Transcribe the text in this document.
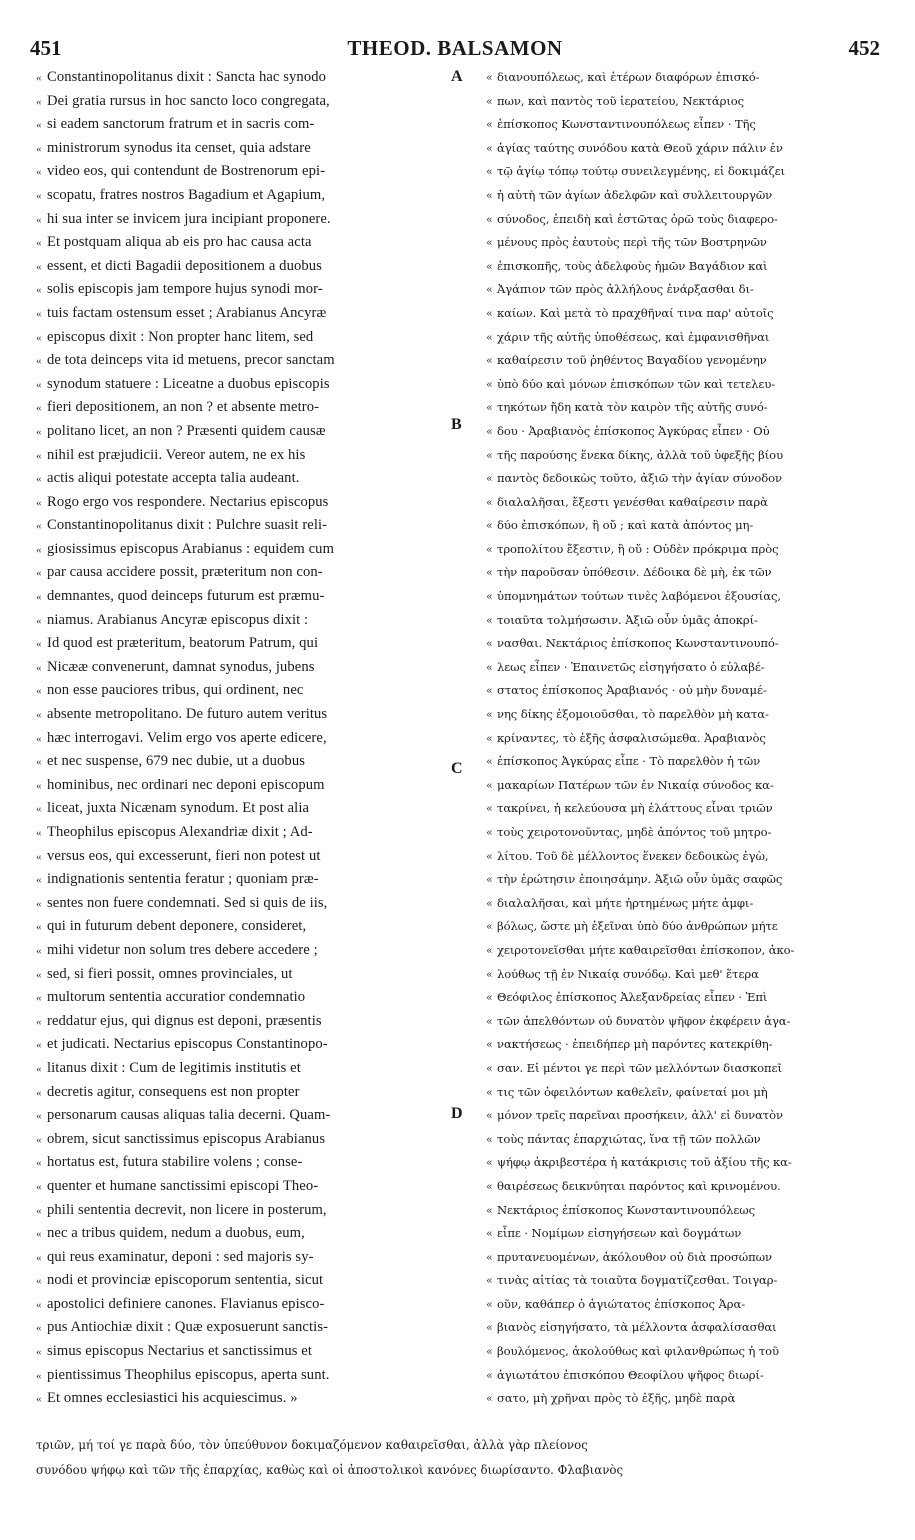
451	THEOD. BALSAMON	452
« Constantinopolitanus dixit : Sancta hac synodo
« Dei gratia rursus in hoc sancto loco congregata,
« si eadem sanctorum fratrum et in sacris com-
« ministrorum synodus ita censet, quia adstare
« video eos, qui contendunt de Bostrenorum epi-
« scopatu, fratres nostros Bagadium et Agapium,
« hi sua inter se invicem jura incipiant proponere.
« Et postquam aliqua ab eis pro hac causa acta
« essent, et dicti Bagadii depositionem a duobus
« solis episcopis jam tempore hujus synodi mor-
« tuis factam ostensum esset ; Arabianus Ancyræ
« episcopus dixit : Non propter hanc litem, sed
« de tota deinceps vita id metuens, precor sanctam
« synodum statuere : Liceatne a duobus episcopis
« fieri depositionem, an non ? et absente metro-
« politano licet, an non ? Præsenti quidem causæ
« nihil est præjudicii. Vereor autem, ne ex his
« actis aliqui potestate accepta talia audeant.
« Rogo ergo vos respondere. Nectarius episcopus
« Constantinopolitanus dixit : Pulchre suasit reli-
« giosissimus episcopus Arabianus : equidem cum
« par causa accidere possit, præteritum non con-
« demnantes, quod deinceps futurum est præmu-
« niamus. Arabianus Ancyræ episcopus dixit :
« Id quod est præteritum, beatorum Patrum, qui
« Nicææ convenerunt, damnat synodus, jubens
« non esse pauciores tribus, qui ordinent, nec
« absente metropolitano. De futuro autem veritus
« hæc interrogavi. Velim ergo vos aperte edicere,
« et nec suspense, 679 nec dubie, ut a duobus
« hominibus, nec ordinari nec deponi episcopum
« liceat, juxta Nicænam synodum. Et post alia
« Theophilus episcopus Alexandriæ dixit ; Ad-
« versus eos, qui excesserunt, fieri non potest ut
« indignationis sententia feratur ; quoniam præ-
« sentes non fuere condemnati. Sed si quis de iis,
« qui in futurum debent deponere, consideret,
« mihi videtur non solum tres debere accedere ;
« sed, si fieri possit, omnes provinciales, ut
« multorum sententia accuratior condemnatio
« reddatur ejus, qui dignus est deponi, præsentis
« et judicati. Nectarius episcopus Constantinopo-
« litanus dixit : Cum de legitimis institutis et
« decretis agitur, consequens est non propter
« personarum causas aliquas talia decerni. Quam-
« obrem, sicut sanctissimus episcopus Arabianus
« hortatus est, futura stabilire volens ; conse-
« quenter et humane sanctissimi episcopi Theo-
« phili sententia decrevit, non licere in posterum,
« nec a tribus quidem, nedum a duobus, eum,
« qui reus examinatur, deponi : sed majoris sy-
« nodi et provinciæ episcoporum sententia, sicut
« apostolici definiere canones. Flavianus episco-
« pus Antiochiæ dixit : Quæ exposuerunt sanctis-
« simus episcopus Nectarius et sanctissimus et
« pientissimus Theophilus episcopus, aperta sunt.
« Et omnes ecclesiastici his acquiescimus. »
« διανουπόλεως, καὶ ἑτέρων διαφόρων ἐπισκό-
« πων, καὶ παντὸς τοῦ ἱερατείου, Νεκτάριος
« ἐπίσκοπος Κωνσταντινουπόλεως εἶπεν · Τῆς
« ἁγίας ταύτης συνόδου κατὰ Θεοῦ χάριν πάλιν ἐν
« τῷ ἁγίῳ τόπῳ τούτῳ συνειλεγμένης, εἰ δοκιμάζει
« ἡ αὐτὴ τῶν ἁγίων ἀδελφῶν καὶ συλλειτουργῶν
« σύνοδος, ἐπειδὴ καὶ ἑστῶτας ὁρῶ τοὺς διαφερο-
« μένους πρὸς ἑαυτοὺς περὶ τῆς τῶν Βοστρηνῶν
« ἐπισκοπῆς, τοὺς ἀδελφοὺς ἡμῶν Βαγάδιον καὶ
« Ἀγάπιον τῶν πρὸς ἀλλήλους ἐνάρξασθαι δι-
« καίων. Καὶ μετὰ τὸ πραχθῆναί τινα παρ' αὐτοῖς
« χάριν τῆς αὐτῆς ὑποθέσεως, καὶ ἐμφανισθῆναι
« καθαίρεσιν τοῦ ῥηθέντος Βαγαδίου γενομένην
« ὑπὸ δύο καὶ μόνων ἐπισκόπων τῶν καὶ τετελευ-
« τηκότων ἤδη κατὰ τὸν καιρὸν τῆς αὐτῆς συνό-
« δου · Ἀραβιανὸς ἐπίσκοπος Ἀγκύρας εἶπεν · Οὐ
« τῆς παρούσης ἕνεκα δίκης, ἀλλὰ τοῦ ὑφεξῆς βίου
« παντὸς δεδοικὼς τοῦτο, ἀξιῶ τὴν ἁγίαν σύνοδον
« διαλαλῆσαι, ἔξεστι γενέσθαι καθαίρεσιν παρὰ
« δύο ἐπισκόπων, ἢ οὔ ; καὶ κατὰ ἀπόντος μη-
« τροπολίτου ἔξεστιν, ἢ οὔ : Οὐδὲν πρόκριμα πρὸς
« τὴν παροῦσαν ὑπόθεσιν. Δέδοικα δὲ μὴ, ἐκ τῶν
« ὑπομνημάτων τούτων τινὲς λαβόμενοι ἐξουσίας,
« τοιαῦτα τολμήσωσιν. Ἀξιῶ οὖν ὑμᾶς ἀποκρί-
« νασθαι. Νεκτάριος ἐπίσκοπος Κωνσταντινουπό-
« λεως εἶπεν · Ἐπαινετῶς εἰσηγήσατο ὁ εὐλαβέ-
« στατος ἐπίσκοπος Ἀραβιανός · οὐ μὴν δυναμέ-
« νης δίκης ἐξομοιοῦσθαι, τὸ παρελθὸν μὴ κατα-
« κρίναντες, τὸ ἑξῆς ἀσφαλισώμεθα. Ἀραβιανὸς
« ἐπίσκοπος Ἀγκύρας εἶπε · Τὸ παρελθὸν ἡ τῶν
« μακαρίων Πατέρων τῶν ἐν Νικαίᾳ σύνοδος κα-
« τακρίνει, ἡ κελεύουσα μὴ ἐλάττους εἶναι τριῶν
« τοὺς χειροτονοῦντας, μηδὲ ἀπόντος τοῦ μητρο-
« λίτου. Τοῦ δὲ μέλλοντος ἕνεκεν δεδοικὼς ἐγὼ,
« τὴν ἐρώτησιν ἐποιησάμην. Ἀξιῶ οὖν ὑμᾶς σαφῶς
« διαλαλῆσαι, καὶ μήτε ἠρτημένως μήτε ἀμφι-
« βόλως, ὥστε μὴ ἐξεῖναι ὑπὸ δύο ἀνθρώπων μήτε
« χειροτονεῖσθαι μήτε καθαιρεῖσθαι ἐπίσκοπον, ἀκο-
« λούθως τῇ ἐν Νικαίᾳ συνόδῳ. Καὶ μεθ' ἕτερα
« Θεόφιλος ἐπίσκοπος Ἀλεξανδρείας εἶπεν · Ἐπὶ
« τῶν ἀπελθόντων οὐ δυνατὸν ψῆφον ἐκφέρειν ἀγα-
« νακτήσεως · ἐπειδήπερ μὴ παρόντες κατεκρίθη-
« σαν. Εἰ μέντοι γε περὶ τῶν μελλόντων διασκοπεῖ
« τις τῶν ὀφειλόντων καθελεῖν, φαίνεταί μοι μὴ
« μόνον τρεῖς παρεῖναι προσήκειν, ἀλλ' εἰ δυνατὸν
« τοὺς πάντας ἐπαρχιώτας, ἵνα τῇ τῶν πολλῶν
« ψήφῳ ἀκριβεστέρα ἡ κατάκρισις τοῦ ἀξίου τῆς κα-
« θαιρέσεως δεικνύηται παρόντος καὶ κρινομένου.
« Νεκτάριος ἐπίσκοπος Κωνσταντινουπόλεως
« εἶπε · Νομίμων εἰσηγήσεων καὶ δογμάτων
« πρυτανευομένων, ἀκόλουθον οὐ διὰ προσώπων
« τινὰς αἰτίας τὰ τοιαῦτα δογματίζεσθαι. Τοιγαρ-
« οῦν, καθάπερ ὁ ἁγιώτατος ἐπίσκοπος Ἀρα-
« βιανὸς εἰσηγήσατο, τὰ μέλλοντα ἀσφαλίσασθαι
« βουλόμενος, ἀκολούθως καὶ φιλανθρώπως ἡ τοῦ
« ἁγιωτάτου ἐπισκόπου Θεοφίλου ψῆφος διωρί-
« σατο, μὴ χρῆναι πρὸς τὸ ἑξῆς, μηδὲ παρὰ
A
B
C
D
τριῶν, μή τοί γε παρὰ δύο, τὸν ὑπεύθυνον δοκιμαζόμενον καθαιρεῖσθαι, ἀλλὰ γὰρ πλείονος
συνόδου ψήφῳ καὶ τῶν τῆς ἐπαρχίας, καθὼς καὶ οἱ ἀποστολικοὶ κανόνες διωρίσαντο. Φλαβιανὸς
